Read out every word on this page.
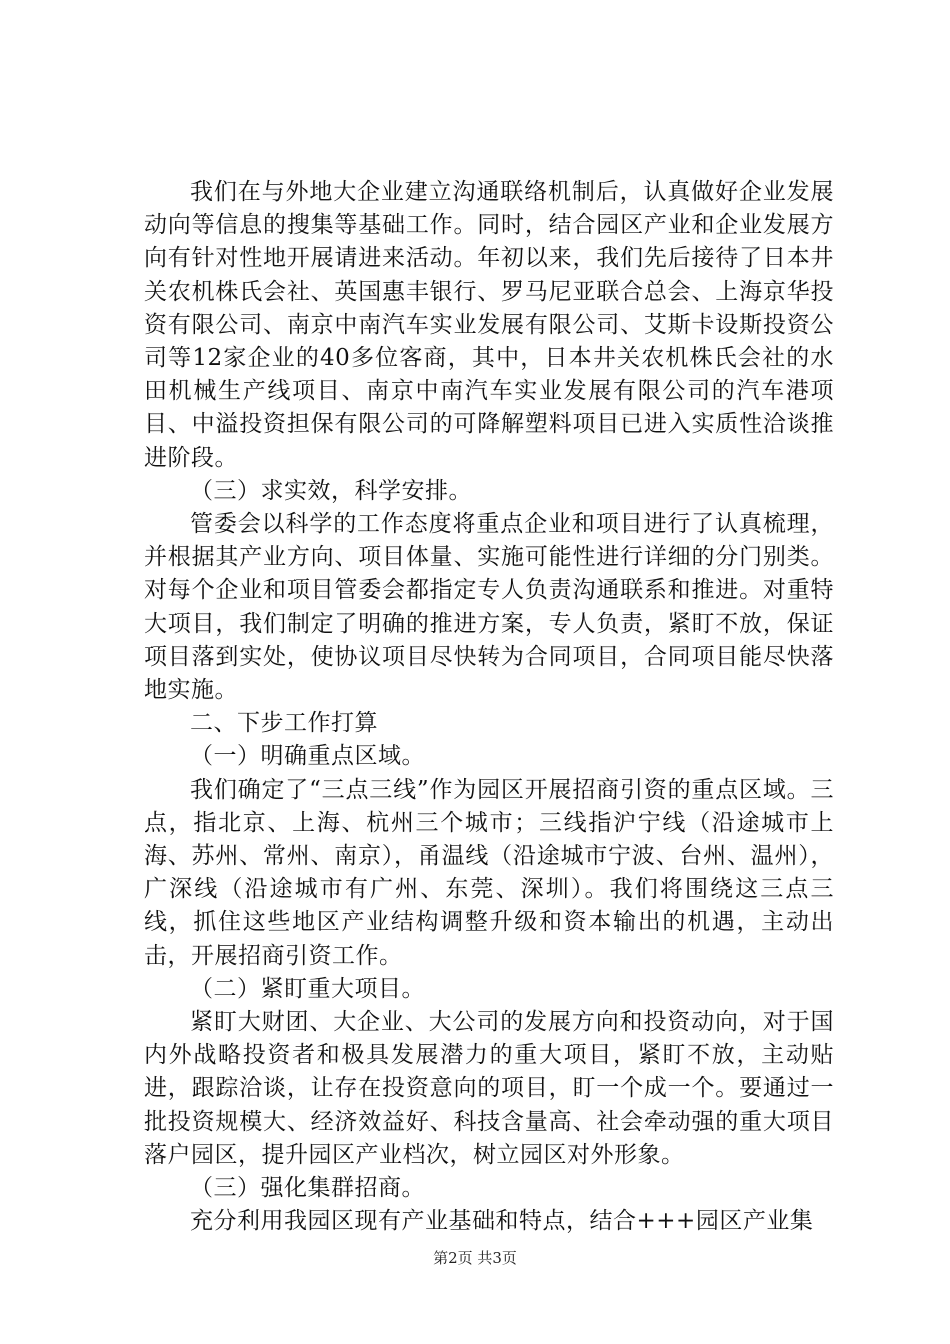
我们在与外地大企业建立沟通联络机制后，认真做好企业发展动向等信息的搜集等基础工作。同时，结合园区产业和企业发展方向有针对性地开展请进来活动。年初以来，我们先后接待了日本井关农机株氏会社、英国惠丰银行、罗马尼亚联合总会、上海京华投资有限公司、南京中南汽车实业发展有限公司、艾斯卡设斯投资公司等12家企业的40多位客商，其中，日本井关农机株氏会社的水田机械生产线项目、南京中南汽车实业发展有限公司的汽车港项目、中溢投资担保有限公司的可降解塑料项目已进入实质性洽谈推进阶段。

（三）求实效，科学安排。

管委会以科学的工作态度将重点企业和项目进行了认真梳理，并根据其产业方向、项目体量、实施可能性进行详细的分门别类。对每个企业和项目管委会都指定专人负责沟通联系和推进。对重特大项目，我们制定了明确的推进方案，专人负责，紧盯不放，保证项目落到实处，使协议项目尽快转为合同项目，合同项目能尽快落地实施。

二、下步工作打算

（一）明确重点区域。

我们确定了“三点三线”作为园区开展招商引资的重点区域。三点，指北京、上海、杭州三个城市；三线指沪宁线（沿途城市上海、苏州、常州、南京），甬温线（沿途城市宁波、台州、温州），广深线（沿途城市有广州、东莞、深圳）。我们将围绕这三点三线，抓住这些地区产业结构调整升级和资本输出的机遇，主动出击，开展招商引资工作。

（二）紧盯重大项目。

紧盯大财团、大企业、大公司的发展方向和投资动向，对于国内外战略投资者和极具发展潜力的重大项目，紧盯不放，主动贴进，跟踪洽谈，让存在投资意向的项目，盯一个成一个。要通过一批投资规模大、经济效益好、科技含量高、社会牵动强的重大项目落户园区，提升园区产业档次，树立园区对外形象。

（三）强化集群招商。

充分利用我园区现有产业基础和特点，结合+++园区产业集

第2页 共3页
